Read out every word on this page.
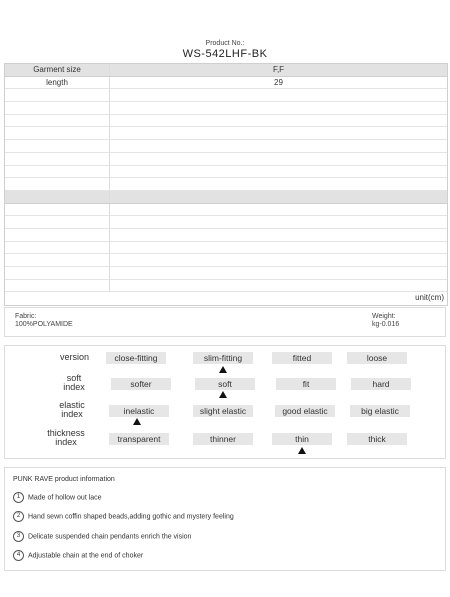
Product No.:
WS-542LHF-BK
Garment size	F,F
length	29
unit(cm)
Fabric:
100%POLYAMIDE
Weight:
kg-0.016
version	close-fitting	slim-fitting	fitted	loose
soft index	softer	soft	fit	hard
elastic index	inelastic	slight elastic	good elastic	big elastic
thickness index	transparent	thinner	thin	thick
PUNK RAVE product information
1 Made of hollow out lace
2 Hand sewn coffin shaped beads,adding gothic and mystery feeling
3 Delicate suspended chain pendants enrich the vision
4 Adjustable chain at the end of choker
